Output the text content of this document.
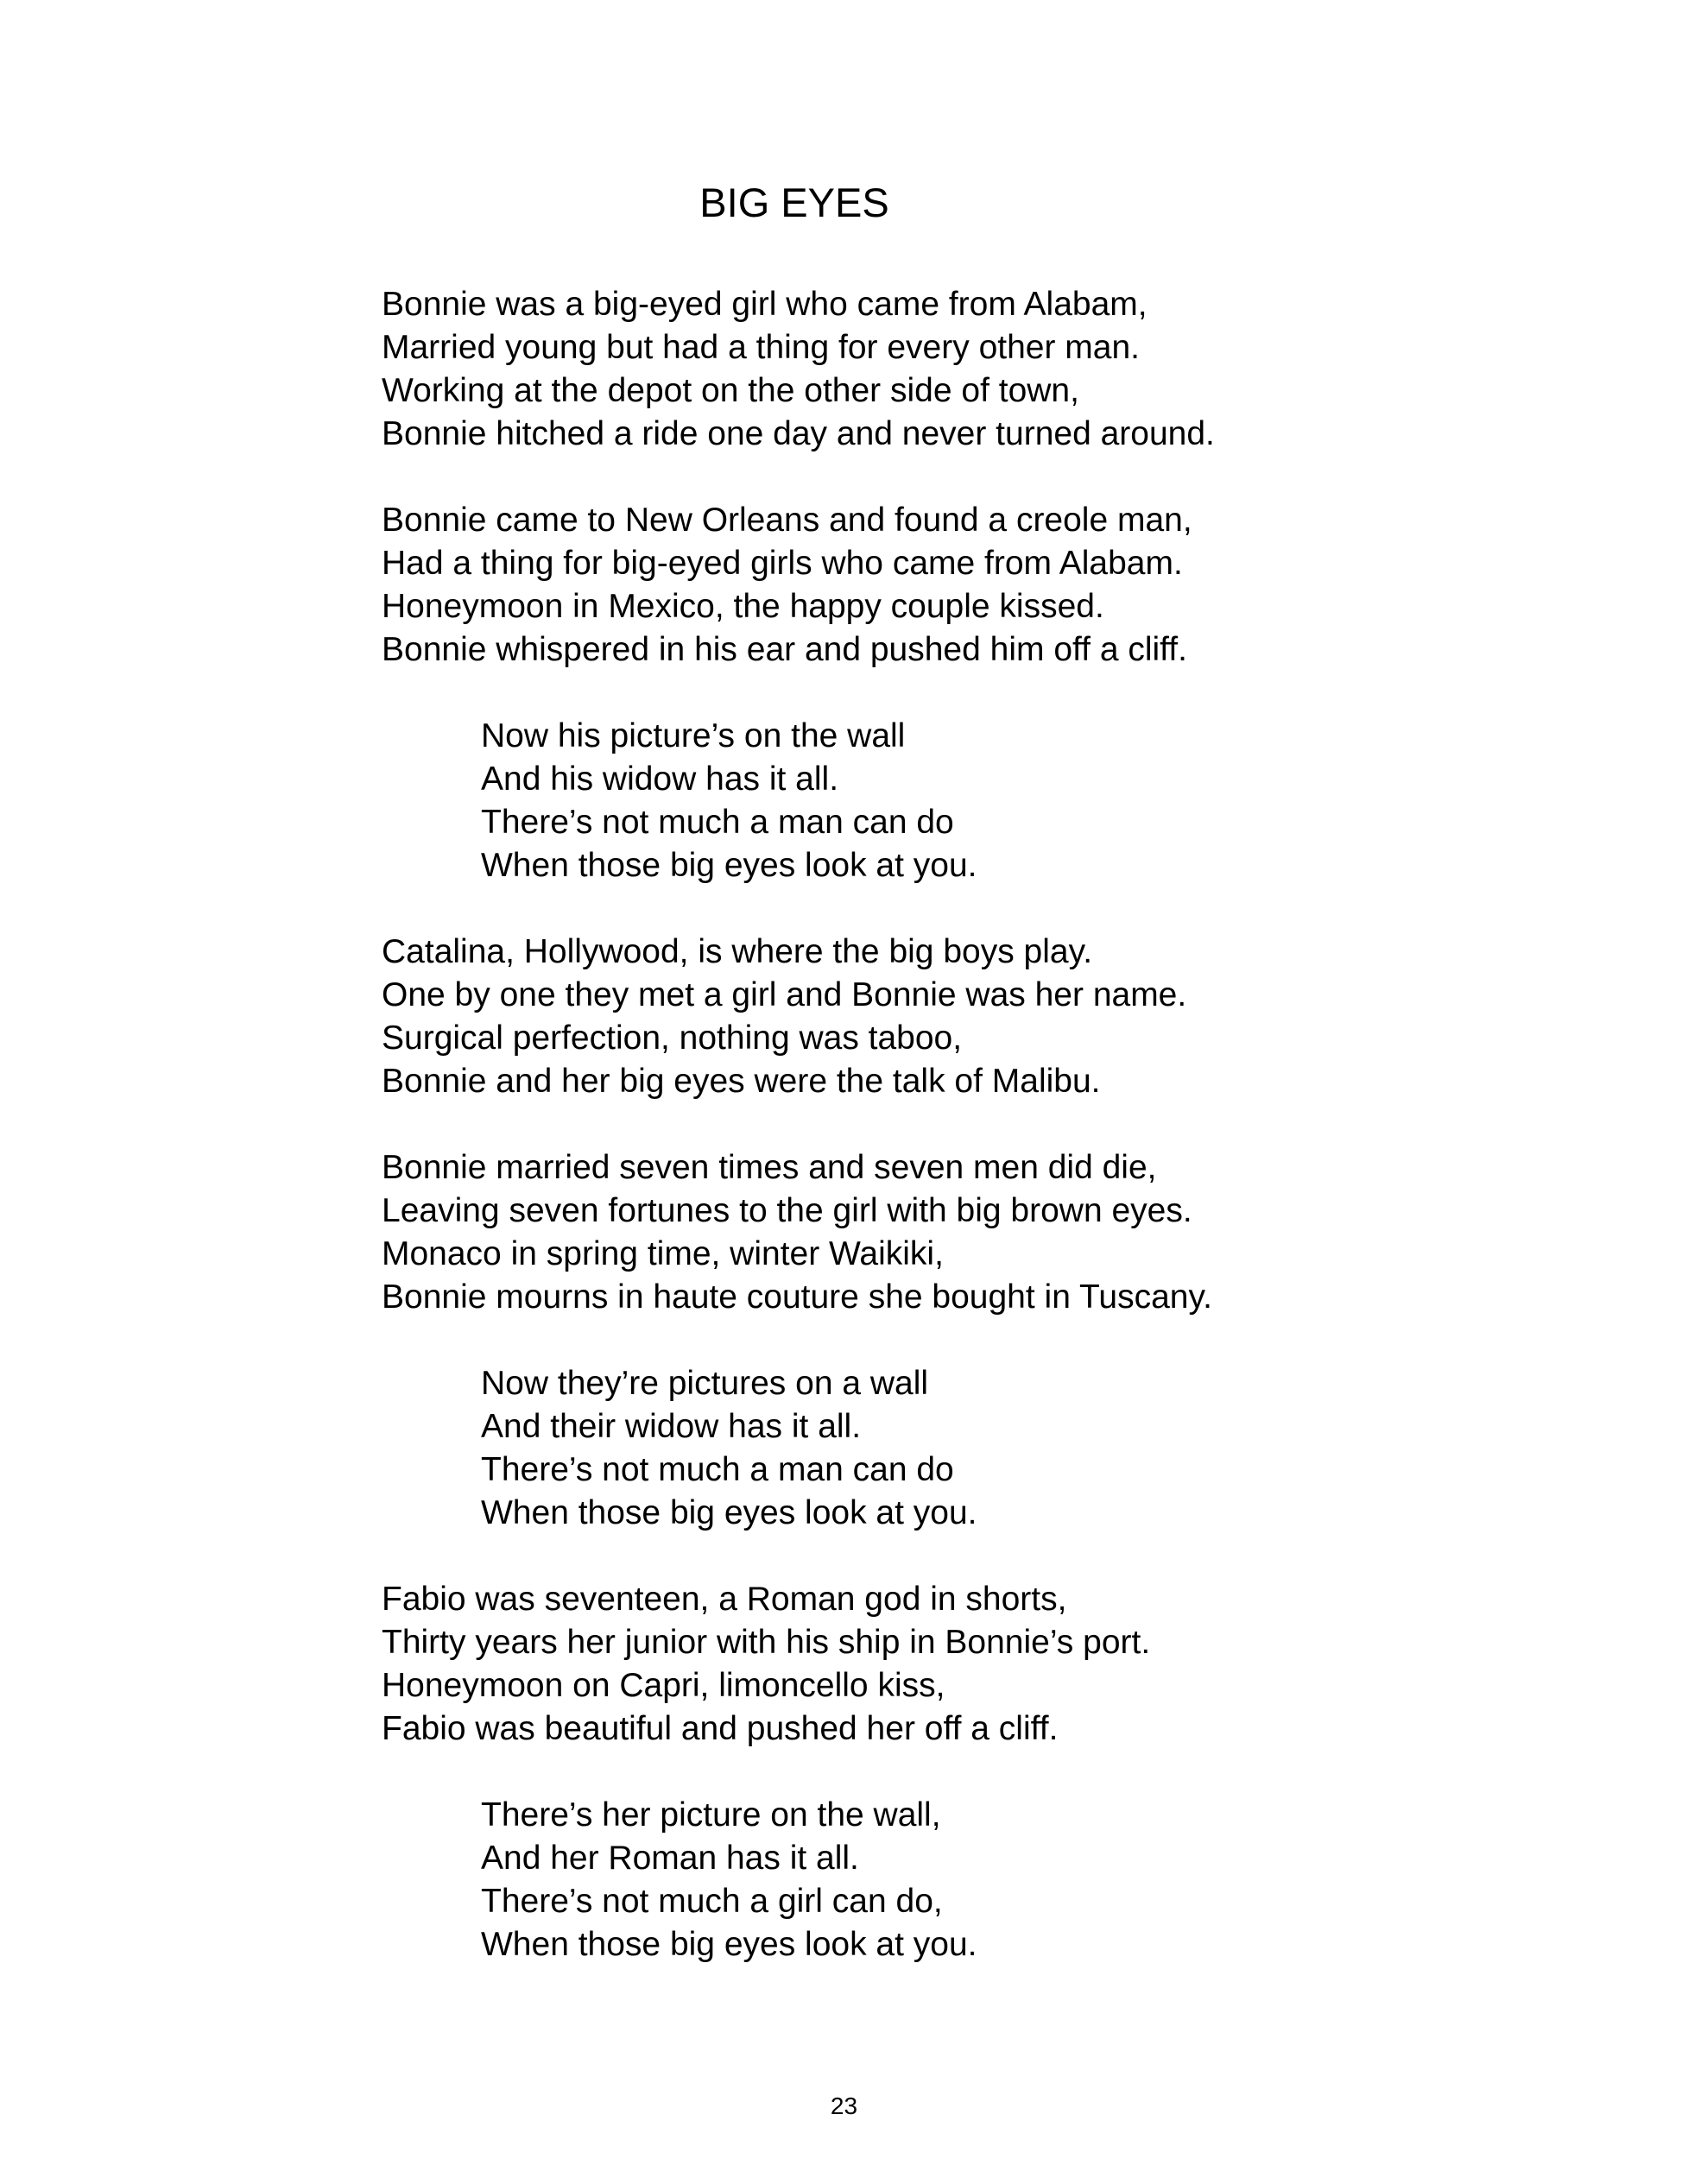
BIG EYES
Bonnie was a big-eyed girl who came from Alabam,
Married young but had a thing for every other man.
Working at the depot on the other side of town,
Bonnie hitched a ride one day and never turned around.
Bonnie came to New Orleans and found a creole man,
Had a thing for big-eyed girls who came from Alabam.
Honeymoon in Mexico, the happy couple kissed.
Bonnie whispered in his ear and pushed him off a cliff.
Now his picture’s on the wall
And his widow has it all.
There’s not much a man can do
When those big eyes look at you.
Catalina, Hollywood, is where the big boys play.
One by one they met a girl and Bonnie was her name.
Surgical perfection, nothing was taboo,
Bonnie and her big eyes were the talk of Malibu.
Bonnie married seven times and seven men did die,
Leaving seven fortunes to the girl with big brown eyes.
Monaco in spring time, winter Waikiki,
Bonnie mourns in haute couture she bought in Tuscany.
Now they’re pictures on a wall
And their widow has it all.
There’s not much a man can do
When those big eyes look at you.
Fabio was seventeen, a Roman god in shorts,
Thirty years her junior with his ship in Bonnie’s port.
Honeymoon on Capri, limoncello kiss,
Fabio was beautiful and pushed her off a cliff.
There’s her picture on the wall,
And her Roman has it all.
There’s not much a girl can do,
When those big eyes look at you.
23
